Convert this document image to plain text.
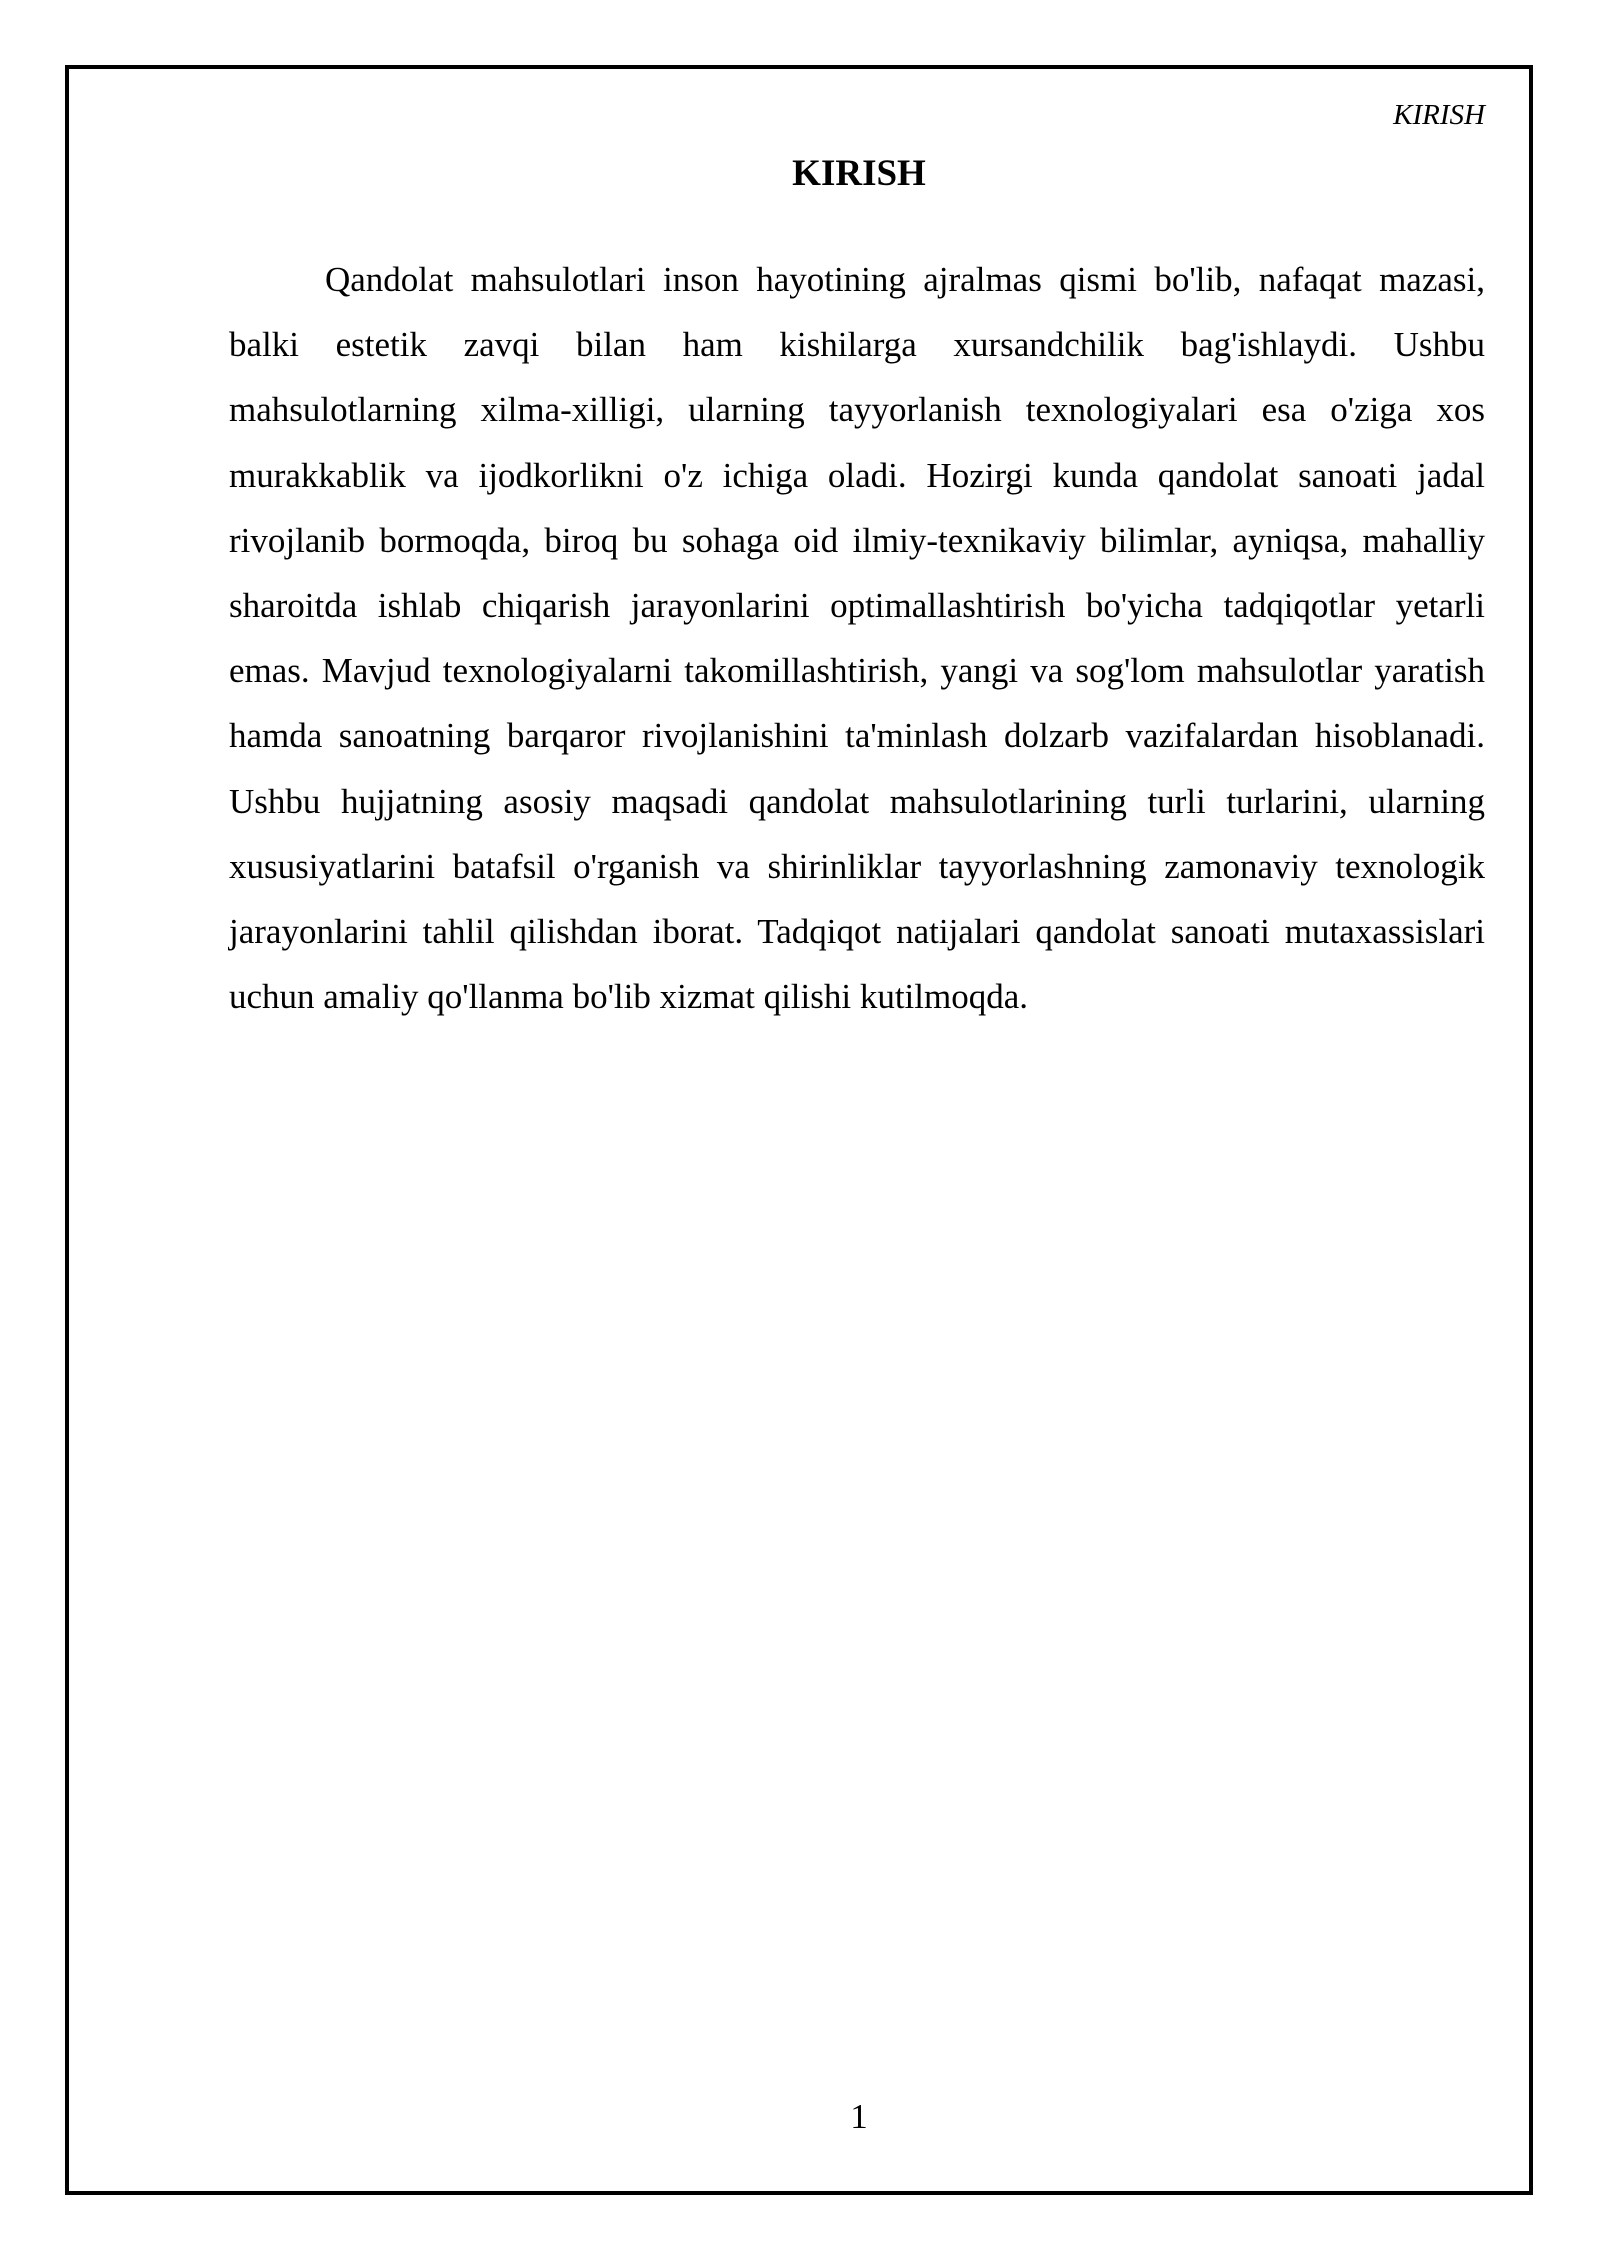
KIRISH
KIRISH

Qandolat mahsulotlari inson hayotining ajralmas qismi bo'lib, nafaqat mazasi, balki estetik zavqi bilan ham kishilarga xursandchilik bag'ishlaydi. Ushbu mahsulotlarning xilma-xilligi, ularning tayyorlanish texnologiyalari esa o'ziga xos murakkablik va ijodkorlikni o'z ichiga oladi. Hozirgi kunda qandolat sanoati jadal rivojlanib bormoqda, biroq bu sohaga oid ilmiy-texnikaviy bilimlar, ayniqsa, mahalliy sharoitda ishlab chiqarish jarayonlarini optimallashtirish bo'yicha tadqiqotlar yetarli emas. Mavjud texnologiyalarni takomillashtirish, yangi va sog'lom mahsulotlar yaratish hamda sanoatning barqaror rivojlanishini ta'minlash dolzarb vazifalardan hisoblanadi. Ushbu hujjatning asosiy maqsadi qandolat mahsulotlarining turli turlarini, ularning xususiyatlarini batafsil o'rganish va shirinliklar tayyorlashning zamonaviy texnologik jarayonlarini tahlil qilishdan iborat. Tadqiqot natijalari qandolat sanoati mutaxassislari uchun amaliy qo'llanma bo'lib xizmat qilishi kutilmoqda.

1
